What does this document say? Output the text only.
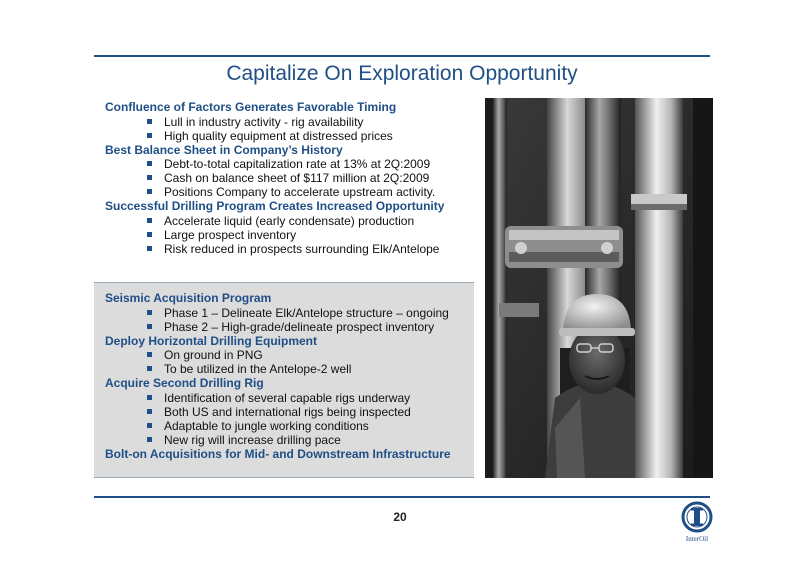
Capitalize On Exploration Opportunity
Confluence of Factors Generates Favorable Timing
Lull in industry activity - rig availability
High quality equipment at distressed prices
Best Balance Sheet in Company’s History
Debt-to-total capitalization rate at 13% at 2Q:2009
Cash on balance sheet of $117 million at 2Q:2009
Positions Company to accelerate upstream activity.
Successful Drilling Program Creates Increased Opportunity
Accelerate liquid (early condensate) production
Large prospect inventory
Risk reduced in prospects surrounding Elk/Antelope
Seismic Acquisition Program
Phase 1 – Delineate Elk/Antelope structure – ongoing
Phase 2 – High-grade/delineate prospect inventory
Deploy Horizontal Drilling Equipment
On ground in PNG
To be utilized in the Antelope-2 well
Acquire Second Drilling Rig
Identification of several capable rigs underway
Both US and international rigs being inspected
Adaptable to jungle working conditions
New rig will increase drilling pace
Bolt-on Acquisitions for Mid- and Downstream Infrastructure
20
InterOil
